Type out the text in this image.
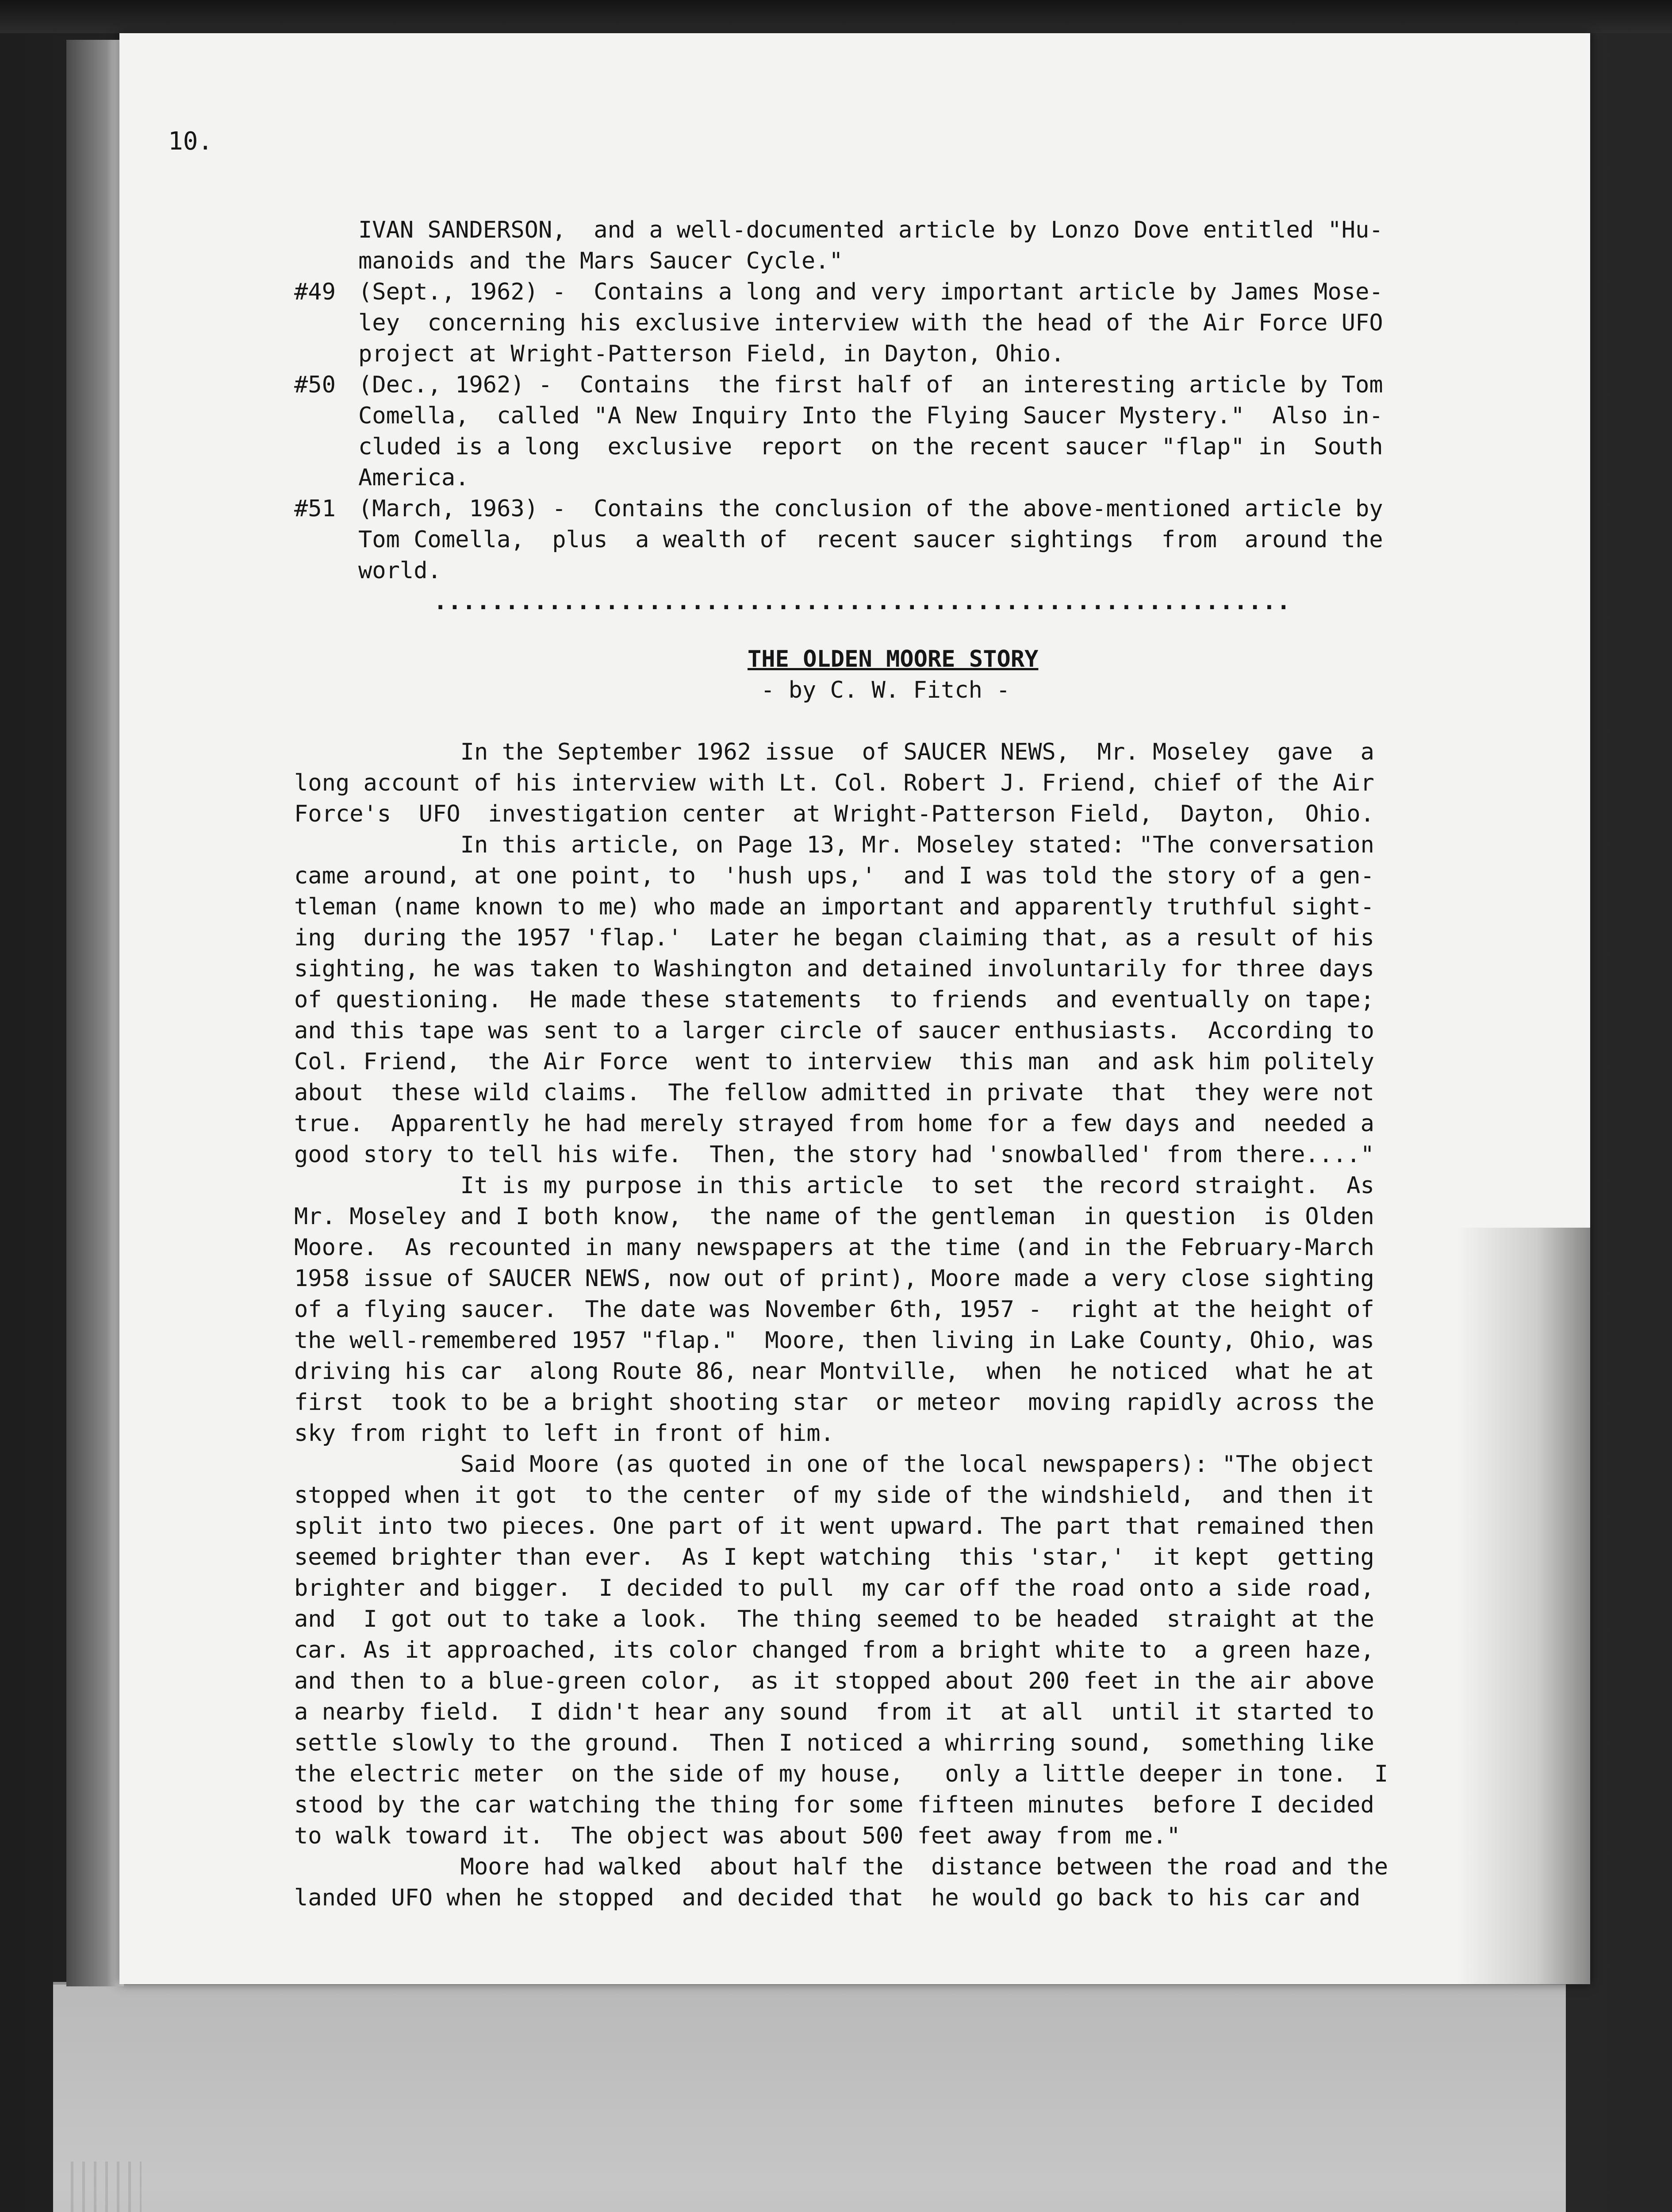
10.
IVAN SANDERSON,  and a well-documented article by Lonzo Dove entitled "Hu-
manoids and the Mars Saucer Cycle."
#49 (Sept., 1962) -  Contains a long and very important article by James Mose-
ley  concerning his exclusive interview with the head of the Air Force UFO
project at Wright-Patterson Field, in Dayton, Ohio.
#50 (Dec., 1962) -  Contains  the first half of  an interesting article by Tom
Comella,  called "A New Inquiry Into the Flying Saucer Mystery."  Also in-
cluded is a long  exclusive  report  on the recent saucer "flap" in  South
America.
#51 (March, 1963) -  Contains the conclusion of the above-mentioned article by
Tom Comella,  plus  a wealth of  recent saucer sightings  from  around the
world.
............................................................
THE OLDEN MOORE STORY
- by C. W. Fitch -
In the September 1962 issue  of SAUCER NEWS,  Mr. Moseley  gave  a
long account of his interview with Lt. Col. Robert J. Friend, chief of the Air
Force's  UFO  investigation center  at Wright-Patterson Field,  Dayton,  Ohio.
In this article, on Page 13, Mr. Moseley stated: "The conversation
came around, at one point, to  'hush ups,'  and I was told the story of a gen-
tleman (name known to me) who made an important and apparently truthful sight-
ing  during the 1957 'flap.'  Later he began claiming that, as a result of his
sighting, he was taken to Washington and detained involuntarily for three days
of questioning.  He made these statements  to friends  and eventually on tape;
and this tape was sent to a larger circle of saucer enthusiasts.  According to
Col. Friend,  the Air Force  went to interview  this man  and ask him politely
about  these wild claims.  The fellow admitted in private  that  they were not
true.  Apparently he had merely strayed from home for a few days and  needed a
good story to tell his wife.  Then, the story had 'snowballed' from there...."
It is my purpose in this article  to set  the record straight.  As
Mr. Moseley and I both know,  the name of the gentleman  in question  is Olden
Moore.  As recounted in many newspapers at the time (and in the February-March
1958 issue of SAUCER NEWS, now out of print), Moore made a very close sighting
of a flying saucer.  The date was November 6th, 1957 -  right at the height of
the well-remembered 1957 "flap."  Moore, then living in Lake County, Ohio, was
driving his car  along Route 86, near Montville,  when  he noticed  what he at
first  took to be a bright shooting star  or meteor  moving rapidly across the
sky from right to left in front of him.
Said Moore (as quoted in one of the local newspapers): "The object
stopped when it got  to the center  of my side of the windshield,  and then it
split into two pieces. One part of it went upward. The part that remained then
seemed brighter than ever.  As I kept watching  this 'star,'  it kept  getting
brighter and bigger.  I decided to pull  my car off the road onto a side road,
and  I got out to take a look.  The thing seemed to be headed  straight at the
car. As it approached, its color changed from a bright white to  a green haze,
and then to a blue-green color,  as it stopped about 200 feet in the air above
a nearby field.  I didn't hear any sound  from it  at all  until it started to
settle slowly to the ground.  Then I noticed a whirring sound,  something like
the electric meter  on the side of my house,   only a little deeper in tone.  I
stood by the car watching the thing for some fifteen minutes  before I decided
to walk toward it.  The object was about 500 feet away from me."
Moore had walked  about half the  distance between the road and the
landed UFO when he stopped  and decided that  he would go back to his car and
